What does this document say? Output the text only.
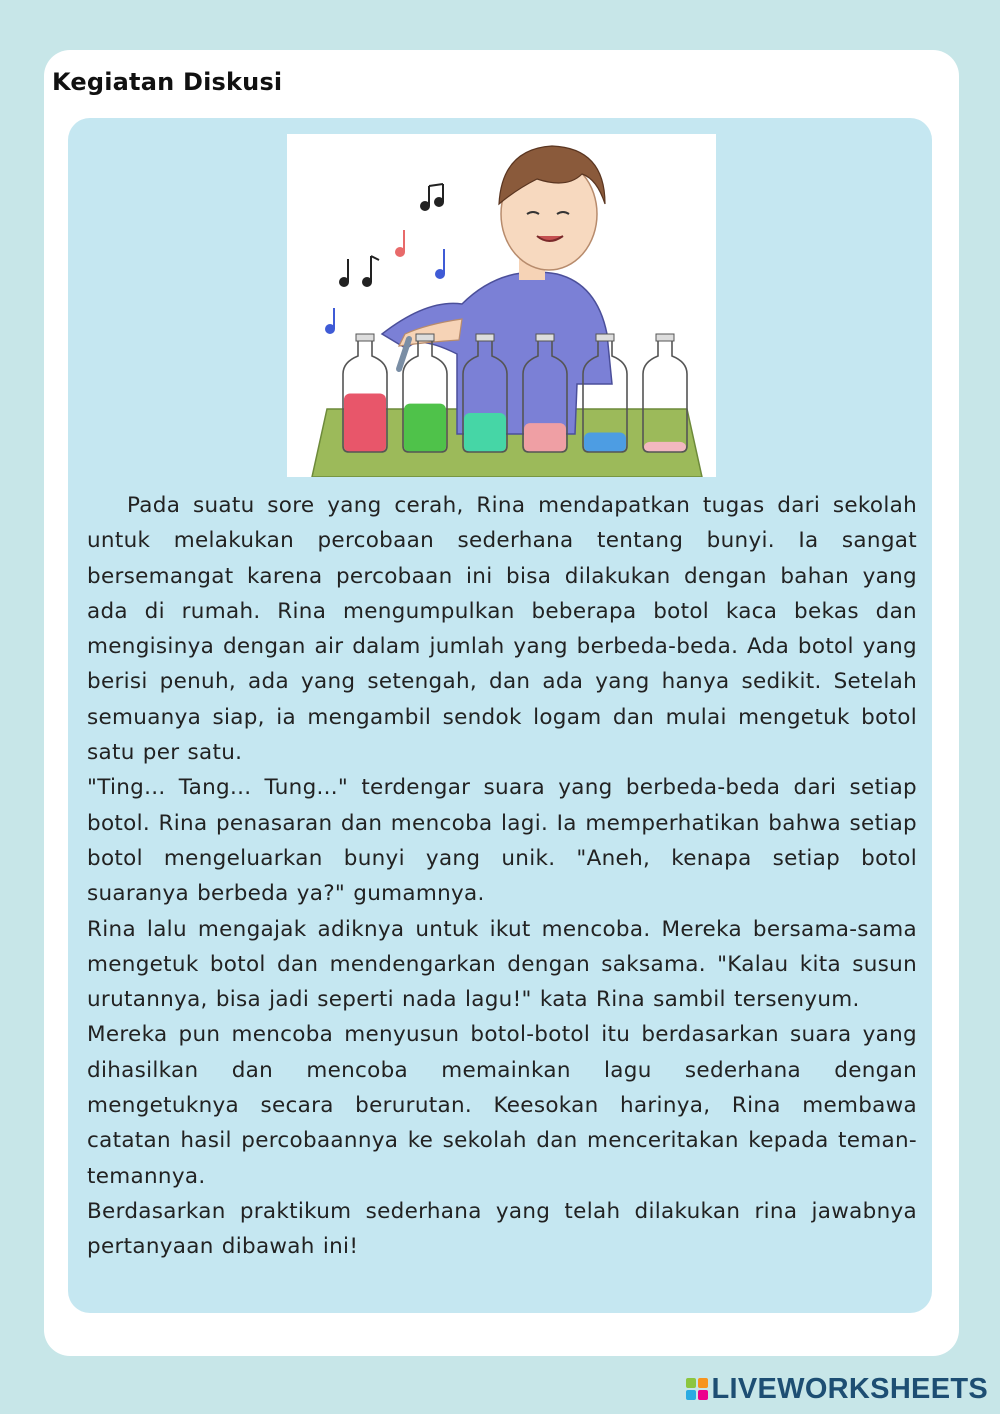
Kegiatan Diskusi

Pada suatu sore yang cerah, Rina mendapatkan tugas dari sekolah untuk melakukan percobaan sederhana tentang bunyi. Ia sangat bersemangat karena percobaan ini bisa dilakukan dengan bahan yang ada di rumah. Rina mengumpulkan beberapa botol kaca bekas dan mengisinya dengan air dalam jumlah yang berbeda-beda. Ada botol yang berisi penuh, ada yang setengah, dan ada yang hanya sedikit. Setelah semuanya siap, ia mengambil sendok logam dan mulai mengetuk botol satu per satu.

"Ting... Tang... Tung..." terdengar suara yang berbeda-beda dari setiap botol. Rina penasaran dan mencoba lagi. Ia memperhatikan bahwa setiap botol mengeluarkan bunyi yang unik. "Aneh, kenapa setiap botol suaranya berbeda ya?" gumamnya.

Rina lalu mengajak adiknya untuk ikut mencoba. Mereka bersama-sama mengetuk botol dan mendengarkan dengan saksama. "Kalau kita susun urutannya, bisa jadi seperti nada lagu!" kata Rina sambil tersenyum.

Mereka pun mencoba menyusun botol-botol itu berdasarkan suara yang dihasilkan dan mencoba memainkan lagu sederhana dengan mengetuknya secara berurutan. Keesokan harinya, Rina membawa catatan hasil percobaannya ke sekolah dan menceritakan kepada teman-temannya.

Berdasarkan praktikum sederhana yang telah dilakukan rina jawabnya pertanyaan dibawah ini!

LIVEWORKSHEETS
